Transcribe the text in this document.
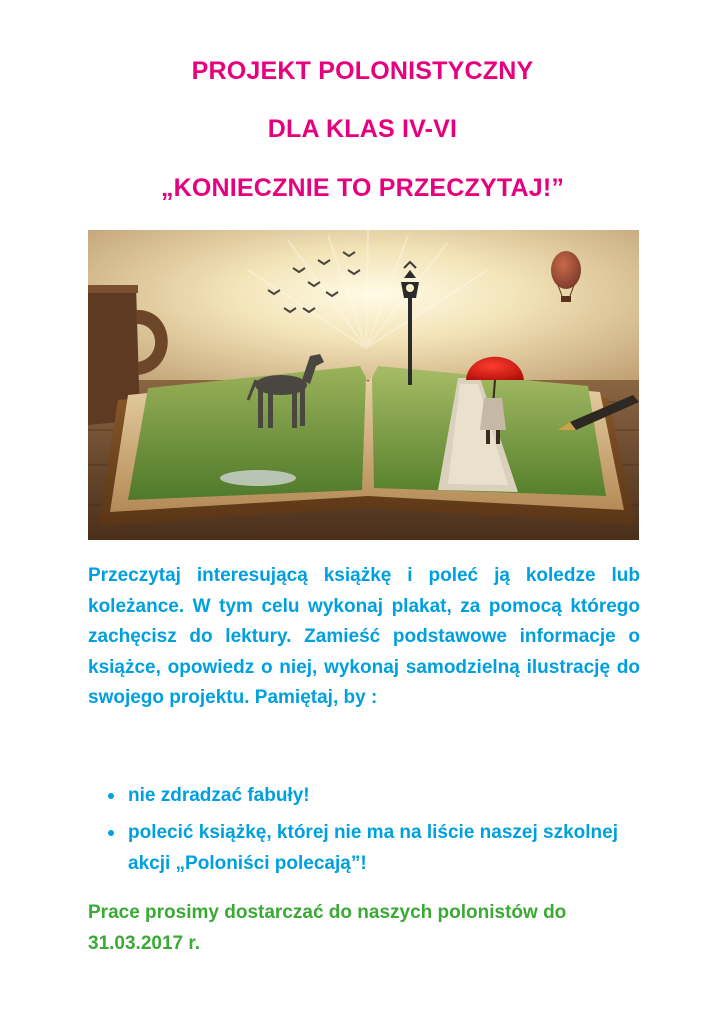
PROJEKT POLONISTYCZNY
DLA KLAS IV-VI
„KONIECZNIE TO PRZECZYTAJ!”
Przeczytaj interesującą książkę i poleć ją koledze lub koleżance. W tym celu wykonaj plakat, za pomocą którego zachęcisz do lektury. Zamieść podstawowe informacje o książce, opowiedz o niej, wykonaj samodzielną ilustrację do swojego projektu. Pamiętaj, by :
nie zdradzać fabuły!
polecić książkę, której nie ma na liście naszej szkolnej akcji „Poloniści polecają”!
Prace prosimy dostarczać do naszych polonistów do 31.03.2017 r.
